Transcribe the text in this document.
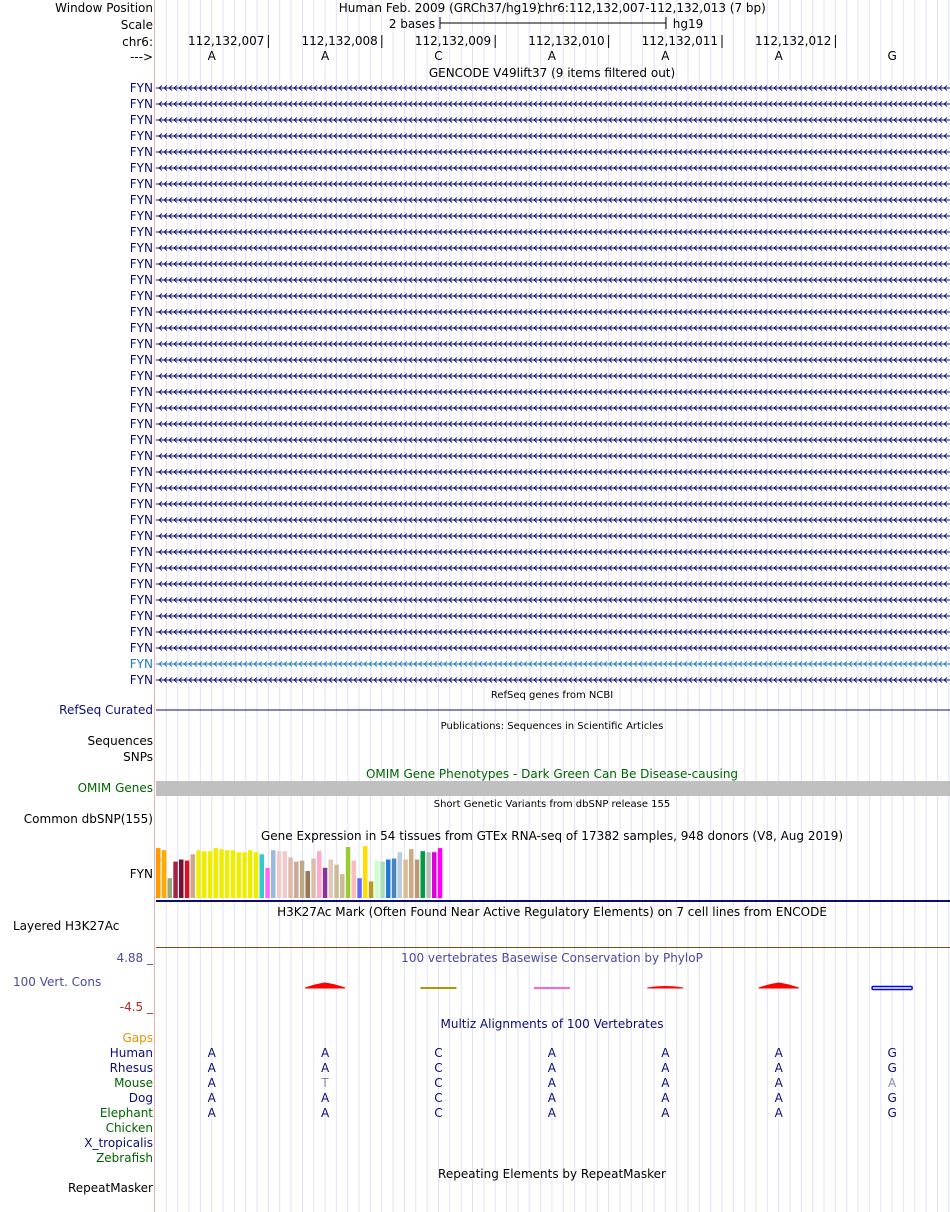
Window Position
Scale
chr6:
--->
Human Feb. 2009 (GRCh37/hg19)
chr6:112,132,007-112,132,013 (7 bp)
2 bases	hg19
112,132,007	112,132,008	112,132,009	112,132,010	112,132,011	112,132,012
A	A	C	A	A	A	G
GENCODE V49lift37 (9 items filtered out)
FYN
FYN
FYN
FYN
FYN
FYN
FYN
FYN
FYN
FYN
FYN
FYN
FYN
FYN
FYN
FYN
FYN
FYN
FYN
FYN
FYN
FYN
FYN
FYN
FYN
FYN
FYN
FYN
FYN
FYN
FYN
FYN
FYN
FYN
FYN
FYN
FYN
FYN
RefSeq genes from NCBI
RefSeq Curated
Publications: Sequences in Scientific Articles
Sequences
SNPs
OMIM Gene Phenotypes - Dark Green Can Be Disease-causing
OMIM Genes
Short Genetic Variants from dbSNP release 155
Common dbSNP(155)
Gene Expression in 54 tissues from GTEx RNA-seq of 17382 samples, 948 donors (V8, Aug 2019)
FYN
H3K27Ac Mark (Often Found Near Active Regulatory Elements) on 7 cell lines from ENCODE
Layered H3K27Ac
100 vertebrates Basewise Conservation by PhyloP
4.88 _
100 Vert. Cons
-4.5 _
Multiz Alignments of 100 Vertebrates
Gaps
Human	A	A	C	A	A	A	G
Rhesus	A	A	C	A	A	A	G
Mouse	A	T	C	A	A	A	A
Dog	A	A	C	A	A	A	G
Elephant	A	A	C	A	A	A	G
Chicken
X_tropicalis
Zebrafish
Repeating Elements by RepeatMasker
RepeatMasker
